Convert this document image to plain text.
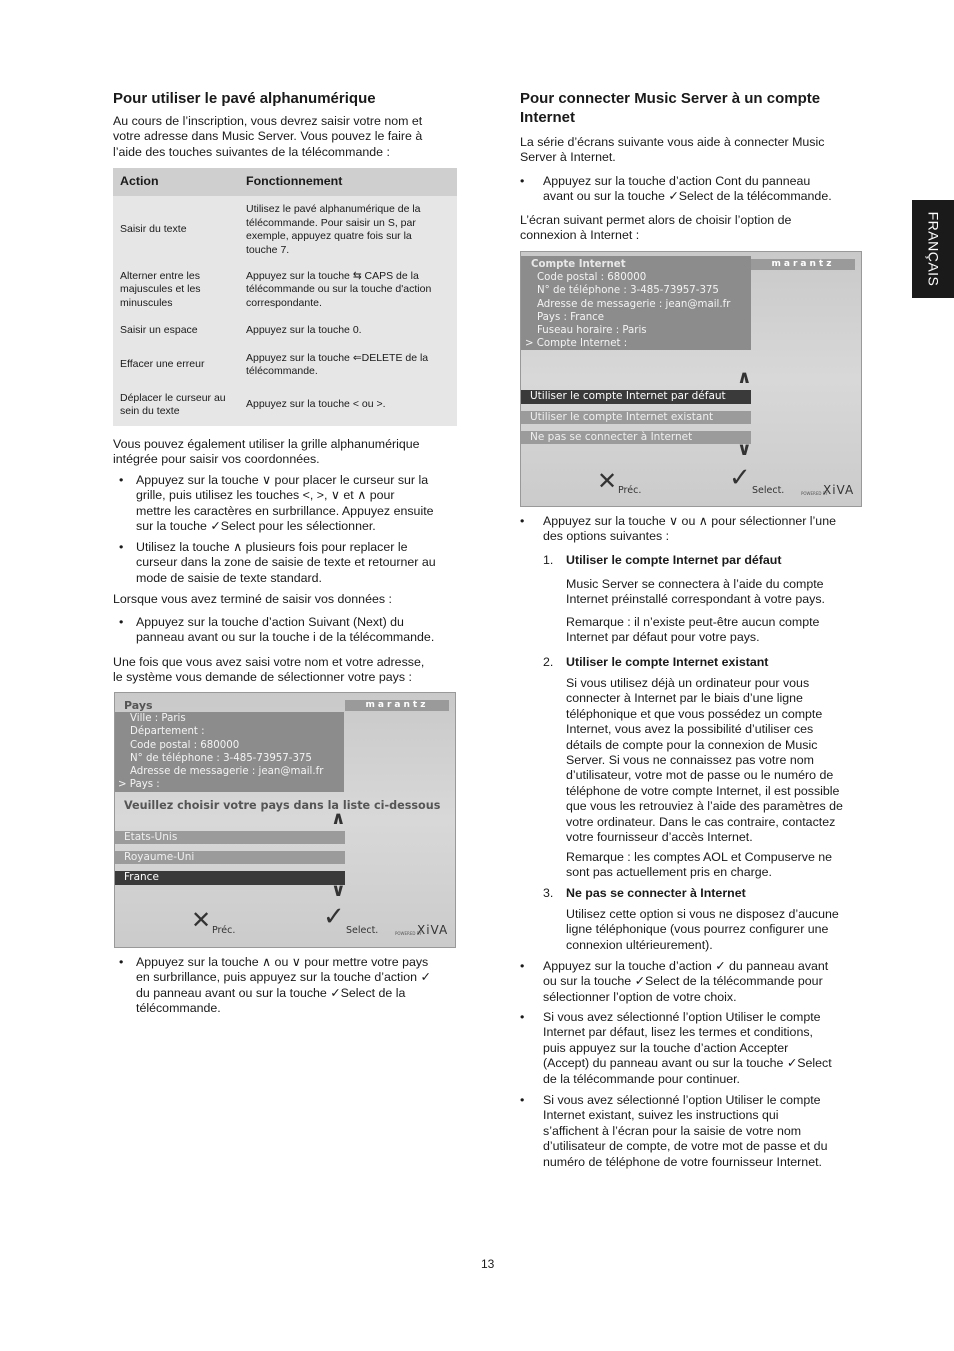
FRANÇAIS
Pour utiliser le pavé alphanumérique

Au cours de l’inscription, vous devrez saisir votre nom et
votre adresse dans Music Server. Vous pouvez le faire à
l’aide des touches suivantes de la télécommande :

Action	Fonctionnement
Saisir du texte	Utilisez le pavé alphanumérique de la
télécommande. Pour saisir un S, par
exemple, appuyez quatre fois sur la
touche 7.
Alterner entre les
majuscules et les
minuscules	Appuyez sur la touche ⇆ CAPS de la
télécommande ou sur la touche d'action
correspondante.
Saisir un espace	Appuyez sur la touche 0.
Effacer une erreur	Appuyez sur la touche ⇐DELETE de la
télécommande.
Déplacer le curseur au
sein du texte	Appuyez sur la touche < ou >.

Vous pouvez également utiliser la grille alphanumérique
intégrée pour saisir vos coordonnées.

• Appuyez sur la touche ∨ pour placer le curseur sur la
grille, puis utilisez les touches <, >, ∨ et ∧ pour
mettre les caractères en surbrillance. Appuyez ensuite
sur la touche ✓Select pour les sélectionner.
• Utilisez la touche ∧ plusieurs fois pour replacer le
curseur dans la zone de saisie de texte et retourner au
mode de saisie de texte standard.

Lorsque vous avez terminé de saisir vos données :

• Appuyez sur la touche d’action Suivant (Next) du
panneau avant ou sur la touche i de la télécommande.

Une fois que vous avez saisi votre nom et votre adresse,
le système vous demande de sélectionner votre pays :

Pays	marantz
Ville : Paris
Département :
Code postal : 680000
N° de téléphone : 3-485-73957-375
Adresse de messagerie : jean@mail.fr
> Pays :
Veuillez choisir votre pays dans la liste ci-dessous
∧
Etats-Unis
Royaume-Uni
France
∨
✕ Préc.	✓ Select.	POWERED BY
XiVA
• Appuyez sur la touche ∧ ou ∨ pour mettre votre pays
en surbrillance, puis appuyez sur la touche d’action ✓
du panneau avant ou sur la touche ✓Select de la
télécommande.
Pour connecter Music Server à un compte
Internet

La série d’écrans suivante vous aide à connecter Music
Server à Internet.

• Appuyez sur la touche d’action Cont du panneau
avant ou sur la touche ✓Select de la télécommande.

L’écran suivant permet alors de choisir l’option de
connexion à Internet :

Compte Internet	marantz
Code postal : 680000
N° de téléphone : 3-485-73957-375
Adresse de messagerie : jean@mail.fr
Pays : France
Fuseau horaire : Paris
> Compte Internet :
∧
Utiliser le compte Internet par défaut
Utiliser le compte Internet existant
Ne pas se connecter à Internet
∨
✕ Préc.	✓ Select.	POWERED BY
XiVA
• Appuyez sur la touche ∨ ou ∧ pour sélectionner l’une
des options suivantes :
1. Utiliser le compte Internet par défaut

Music Server se connectera à l’aide du compte
Internet préinstallé correspondant à votre pays.

Remarque : il n’existe peut-être aucun compte
Internet par défaut pour votre pays.

2. Utiliser le compte Internet existant

Si vous utilisez déjà un ordinateur pour vous
connecter à Internet par le biais d’une ligne
téléphonique et que vous possédez un compte
Internet, vous avez la possibilité d’utiliser ces
détails de compte pour la connexion de Music
Server. Si vous ne connaissez pas votre nom
d’utilisateur, votre mot de passe ou le numéro de
téléphone de votre compte Internet, il est possible
que vous les retrouviez à l’aide des paramètres de
votre ordinateur. Dans le cas contraire, contactez
votre fournisseur d’accès Internet.

Remarque : les comptes AOL et Compuserve ne
sont pas actuellement pris en charge.

3. Ne pas se connecter à Internet

Utilisez cette option si vous ne disposez d’aucune
ligne téléphonique (vous pourrez configurer une
connexion ultérieurement).

• Appuyez sur la touche d’action ✓ du panneau avant
ou sur la touche ✓Select de la télécommande pour
sélectionner l’option de votre choix.
• Si vous avez sélectionné l’option Utiliser le compte
Internet par défaut, lisez les termes et conditions,
puis appuyez sur la touche d’action Accepter
(Accept) du panneau avant ou sur la touche ✓Select
de la télécommande pour continuer.
• Si vous avez sélectionné l’option Utiliser le compte
Internet existant, suivez les instructions qui
s’affichent à l’écran pour la saisie de votre nom
d’utilisateur de compte, de votre mot de passe et du
numéro de téléphone de votre fournisseur Internet.
13
